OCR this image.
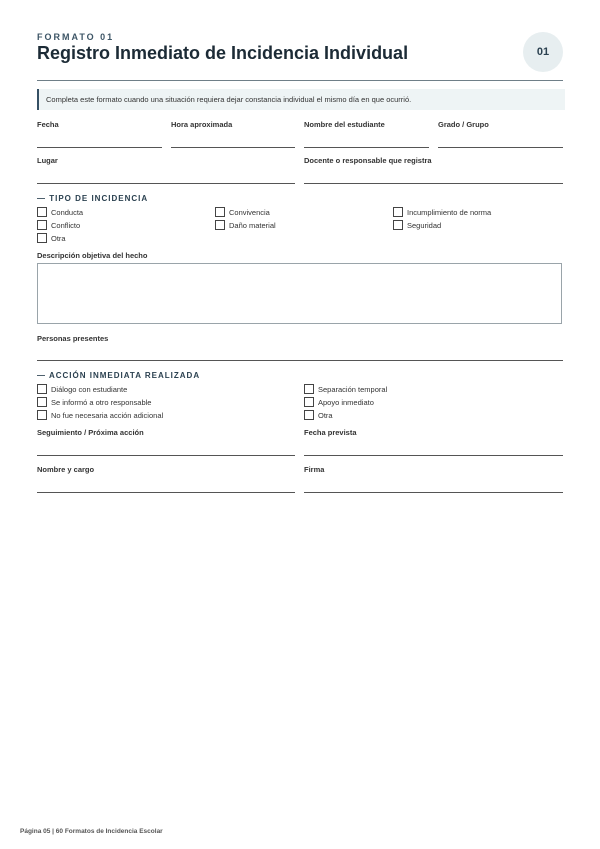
FORMATO 01
Registro Inmediato de Incidencia Individual	01
Completa este formato cuando una situación requiera dejar constancia individual el mismo día en que ocurrió.
Fecha	Hora aproximada	Nombre del estudiante	Grado / Grupo
Lugar	Docente o responsable que registra
— TIPO DE INCIDENCIA
Conducta
Conflicto
Otra
Convivencia
Daño material
Incumplimiento de norma
Seguridad
Descripción objetiva del hecho
Personas presentes
— ACCIÓN INMEDIATA REALIZADA
Diálogo con estudiante
Se informó a otro responsable
No fue necesaria acción adicional
Separación temporal
Apoyo inmediato
Otra
Seguimiento / Próxima acción	Fecha prevista
Nombre y cargo	Firma
Página 05 | 60 Formatos de Incidencia Escolar
